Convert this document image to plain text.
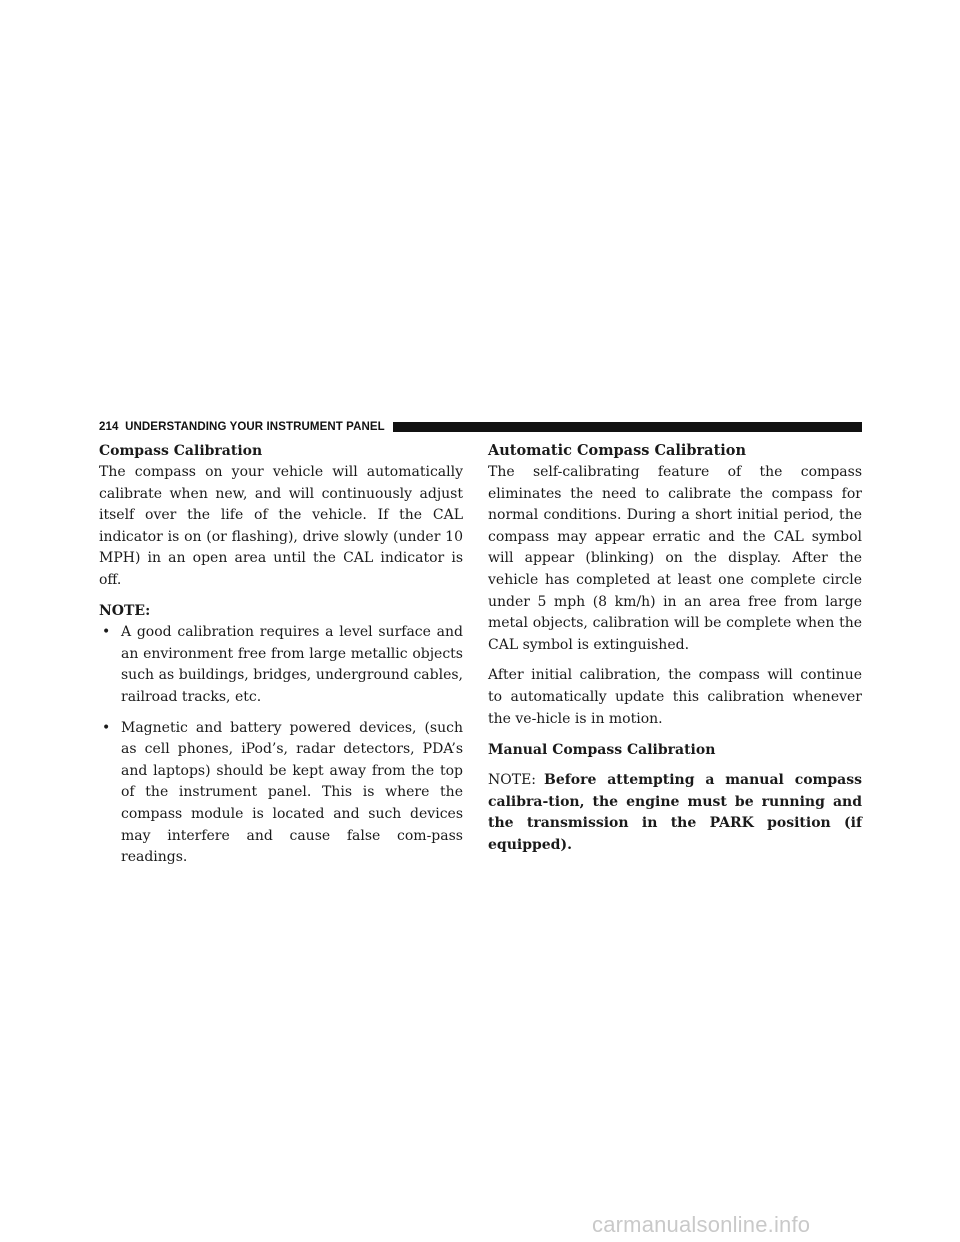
214 UNDERSTANDING YOUR INSTRUMENT PANEL
Compass Calibration

The compass on your vehicle will automatically calibrate when new, and will continuously adjust itself over the life of the vehicle. If the CAL indicator is on (or flashing), drive slowly (under 10 MPH) in an open area until the CAL indicator is off.

NOTE:
• A good calibration requires a level surface and an environment free from large metallic objects such as buildings, bridges, underground cables, railroad tracks, etc.
• Magnetic and battery powered devices, (such as cell phones, iPod’s, radar detectors, PDA’s and laptops) should be kept away from the top of the instrument panel. This is where the compass module is located and such devices may interfere and cause false com-pass readings.
Automatic Compass Calibration

The self-calibrating feature of the compass eliminates the need to calibrate the compass for normal conditions. During a short initial period, the compass may appear erratic and the CAL symbol will appear (blinking) on the display. After the vehicle has completed at least one complete circle under 5 mph (8 km/h) in an area free from large metal objects, calibration will be complete when the CAL symbol is extinguished.

After initial calibration, the compass will continue to automatically update this calibration whenever the ve-hicle is in motion.

Manual Compass Calibration

NOTE: Before attempting a manual compass calibra-tion, the engine must be running and the transmission in the PARK position (if equipped).

carmanualsonline.info
